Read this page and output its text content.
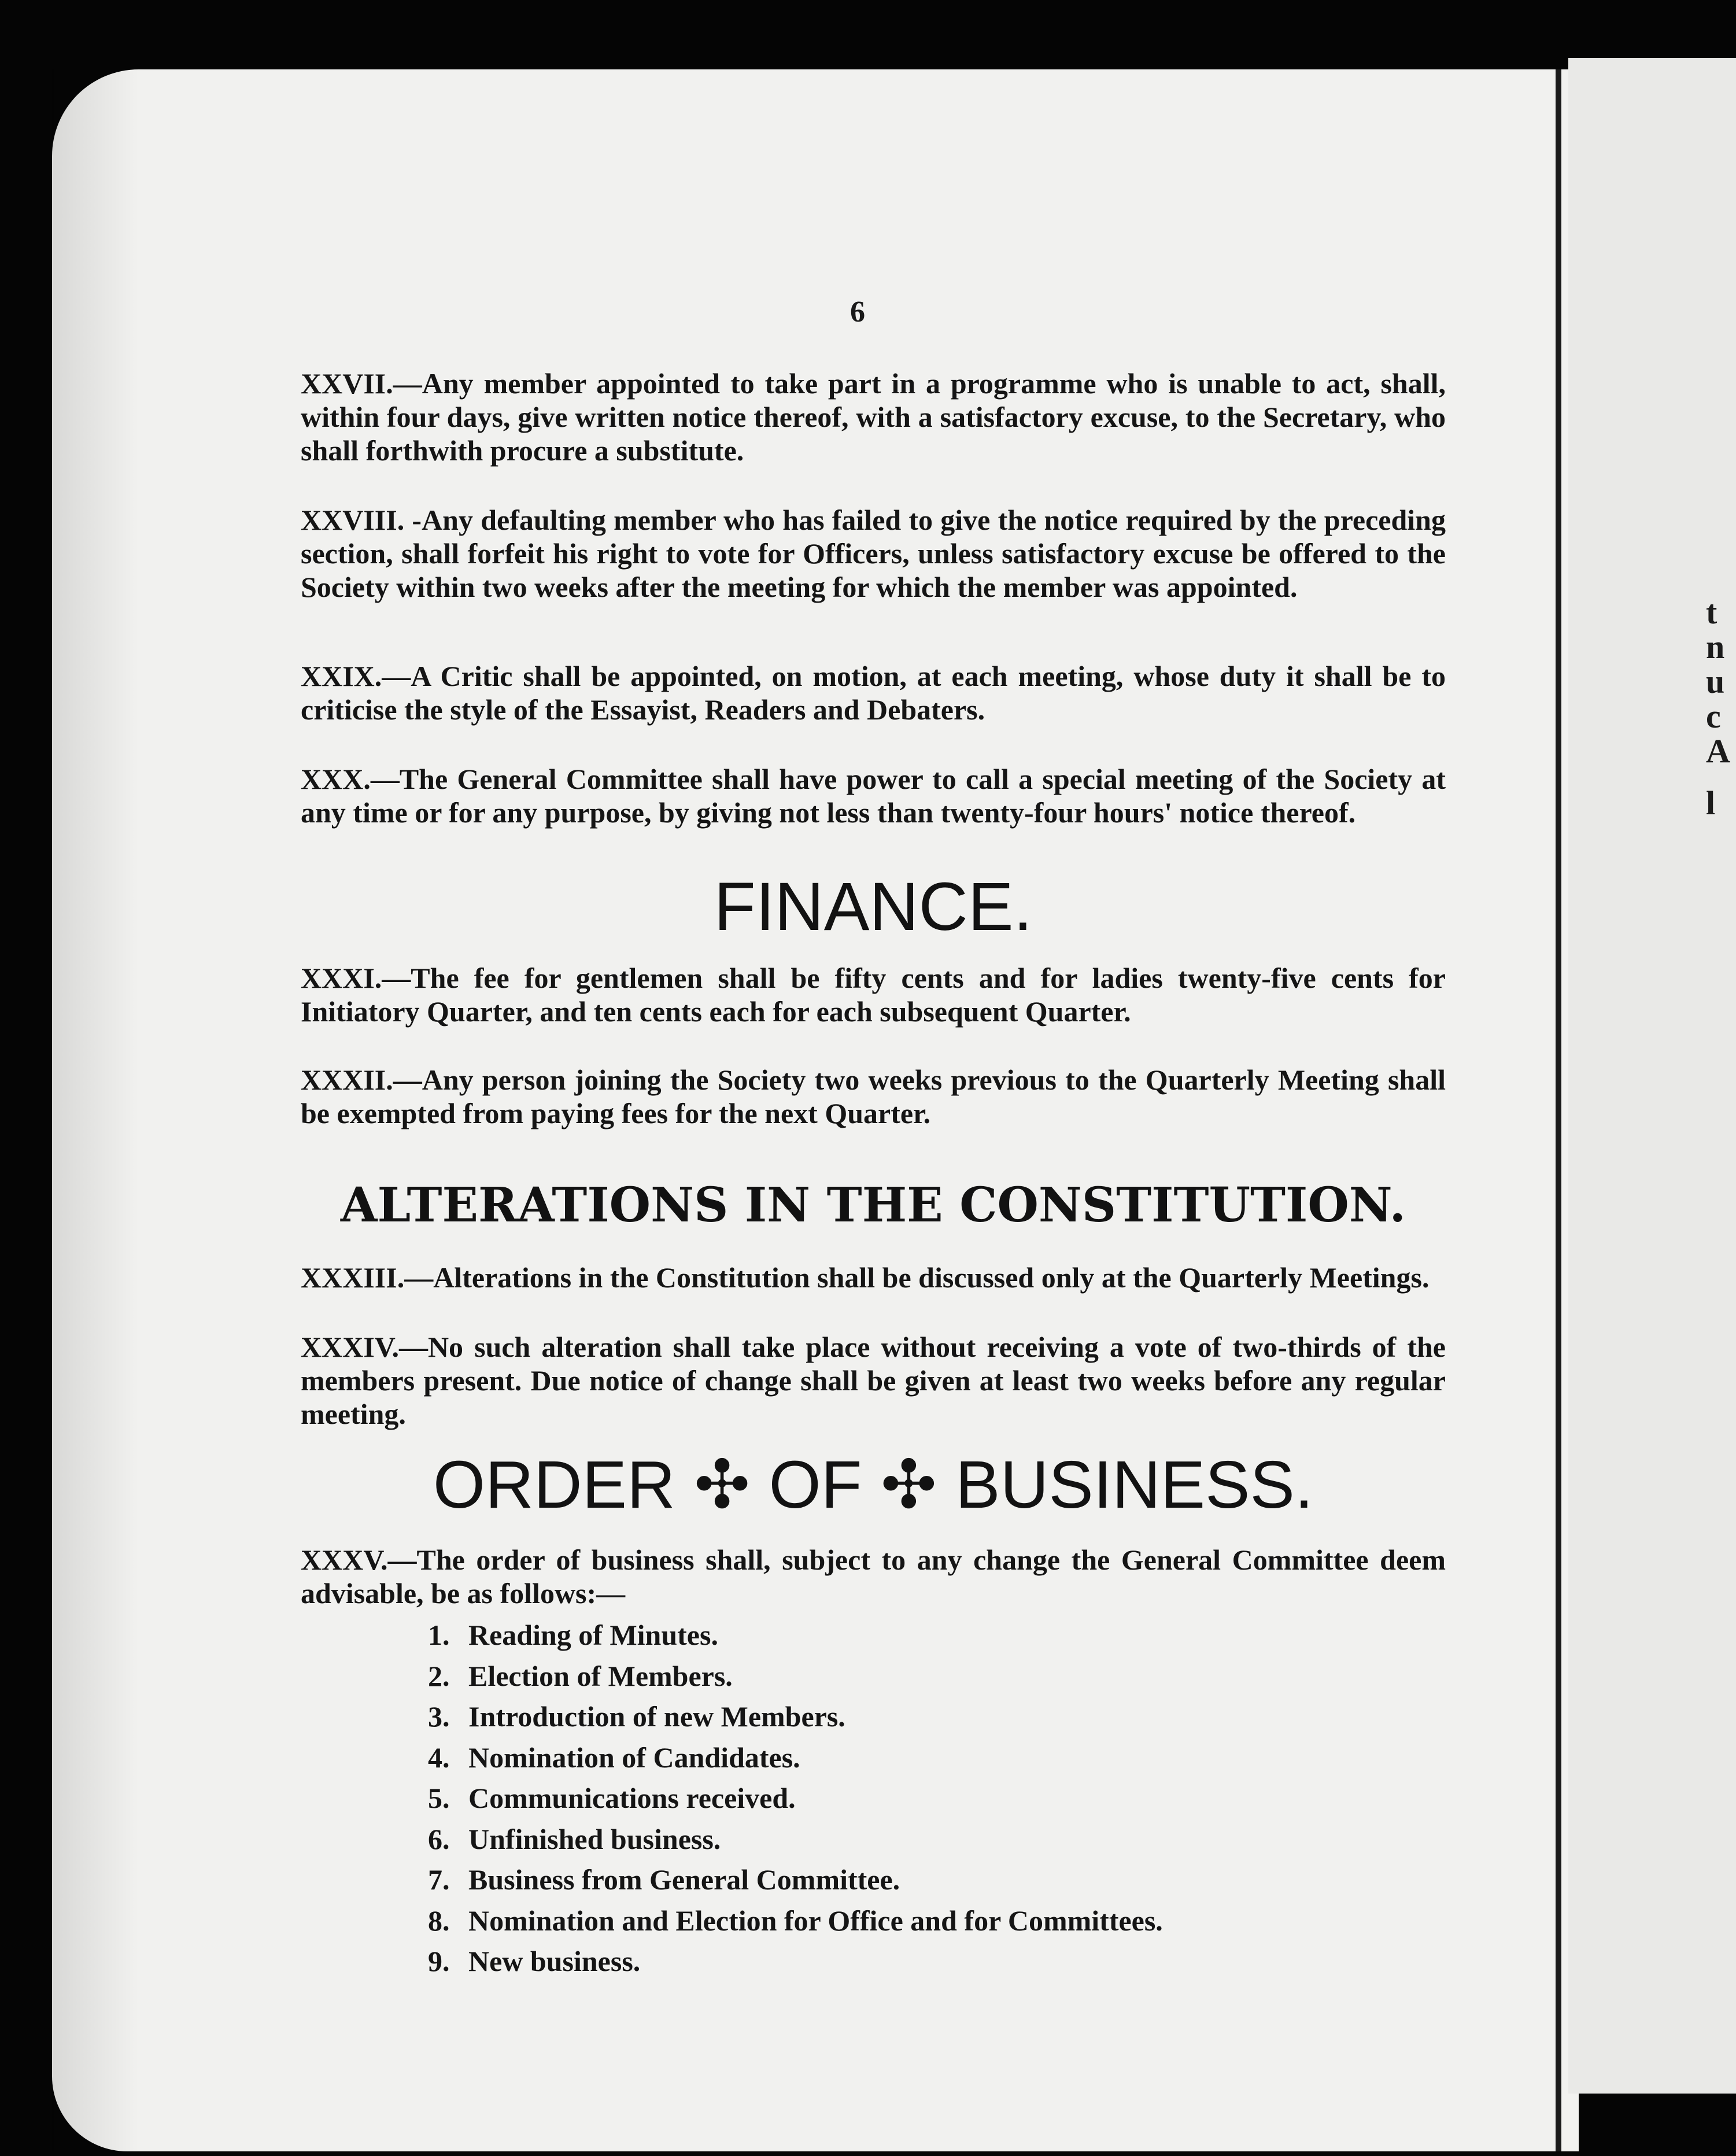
t
n
u
c
A
l
6

XXVII.—Any member appointed to take part in a programme who is unable to act, shall, within four days, give written notice thereof, with a satisfactory excuse, to the Secretary, who shall forthwith procure a substitute.

XXVIII. -Any defaulting member who has failed to give the notice required by the preceding section, shall forfeit his right to vote for Officers, unless satisfactory excuse be offered to the Society within two weeks after the meeting for which the member was appointed.

XXIX.—A Critic shall be appointed, on motion, at each meeting, whose duty it shall be to criticise the style of the Essayist, Readers and Debaters.

XXX.—The General Committee shall have power to call a special meeting of the Society at any time or for any purpose, by giving not less than twenty-four hours' notice thereof.

FINANCE.

XXXI.—The fee for gentlemen shall be fifty cents and for ladies twenty-five cents for Initiatory Quarter, and ten cents each for each subsequent Quarter.

XXXII.—Any person joining the Society two weeks previous to the Quarterly Meeting shall be exempted from paying fees for the next Quarter.

ALTERATIONS IN THE CONSTITUTION.

XXXIII.—Alterations in the Constitution shall be discussed only at the Quarterly Meetings.

XXXIV.—No such alteration shall take place without receiving a vote of two-thirds of the members present. Due notice of change shall be given at least two weeks before any regular meeting.

ORDER ✣ OF ✣ BUSINESS.

XXXV.—The order of business shall, subject to any change the General Committee deem advisable, be as follows:—

1. Reading of Minutes.
2. Election of Members.
3. Introduction of new Members.
4. Nomination of Candidates.
5. Communications received.
6. Unfinished business.
7. Business from General Committee.
8. Nomination and Election for Office and for Committees.
9. New business.
